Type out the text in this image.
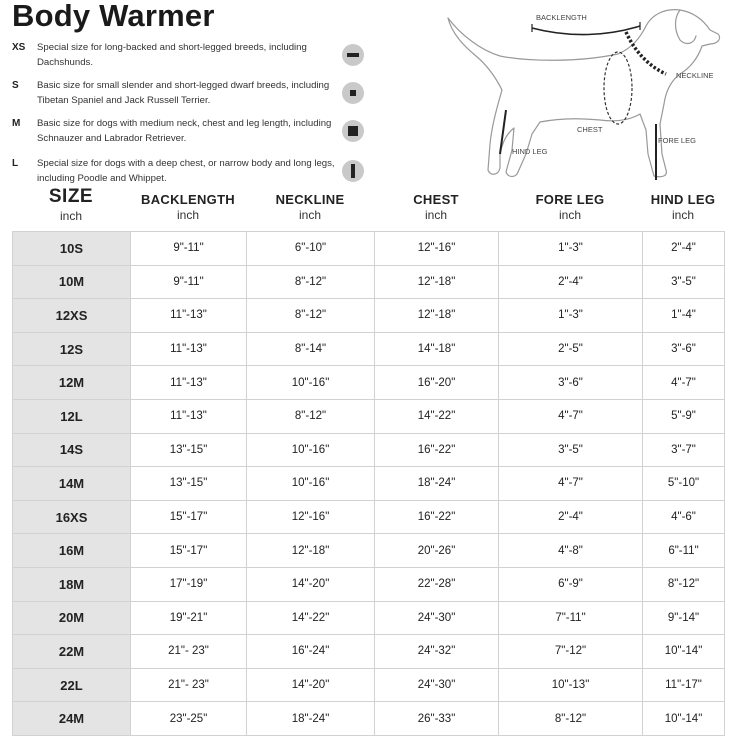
Body Warmer
XS Special size for long-backed and short-legged breeds, including Dachshunds.
S Basic size for small slender and short-legged dwarf breeds, including Tibetan Spaniel and Jack Russell Terrier.
M Basic size for dogs with medium neck, chest and leg length, including Schnauzer and Labrador Retriever.
L Special size for dogs with a deep chest, or narrow body and long legs, including Poodle and Whippet.
BACKLENGTH
NECKLINE
CHEST
FORE LEG
HIND LEG
SIZE
inch
BACKLENGTH
inch
NECKLINE
inch
CHEST
inch
FORE LEG
inch
HIND LEG
inch
10S	9"-11"	6"-10"	12"-16"	1"-3"	2"-4"
10M	9"-11"	8"-12"	12"-18"	2"-4"	3"-5"
12XS	11"-13"	8"-12"	12"-18"	1"-3"	1"-4"
12S	11"-13"	8"-14"	14"-18"	2"-5"	3"-6"
12M	11"-13"	10"-16"	16"-20"	3"-6"	4"-7"
12L	11"-13"	8"-12"	14"-22"	4"-7"	5"-9"
14S	13"-15"	10"-16"	16"-22"	3"-5"	3"-7"
14M	13"-15"	10"-16"	18"-24"	4"-7"	5"-10"
16XS	15"-17"	12"-16"	16"-22"	2"-4"	4"-6"
16M	15"-17"	12"-18"	20"-26"	4"-8"	6"-11"
18M	17"-19"	14"-20"	22"-28"	6"-9"	8"-12"
20M	19"-21"	14"-22"	24"-30"	7"-11"	9"-14"
22M	21"- 23"	16"-24"	24"-32"	7"-12"	10"-14"
22L	21"- 23"	14"-20"	24"-30"	10"-13"	11"-17"
24M	23"-25"	18"-24"	26"-33"	8"-12"	10"-14"
